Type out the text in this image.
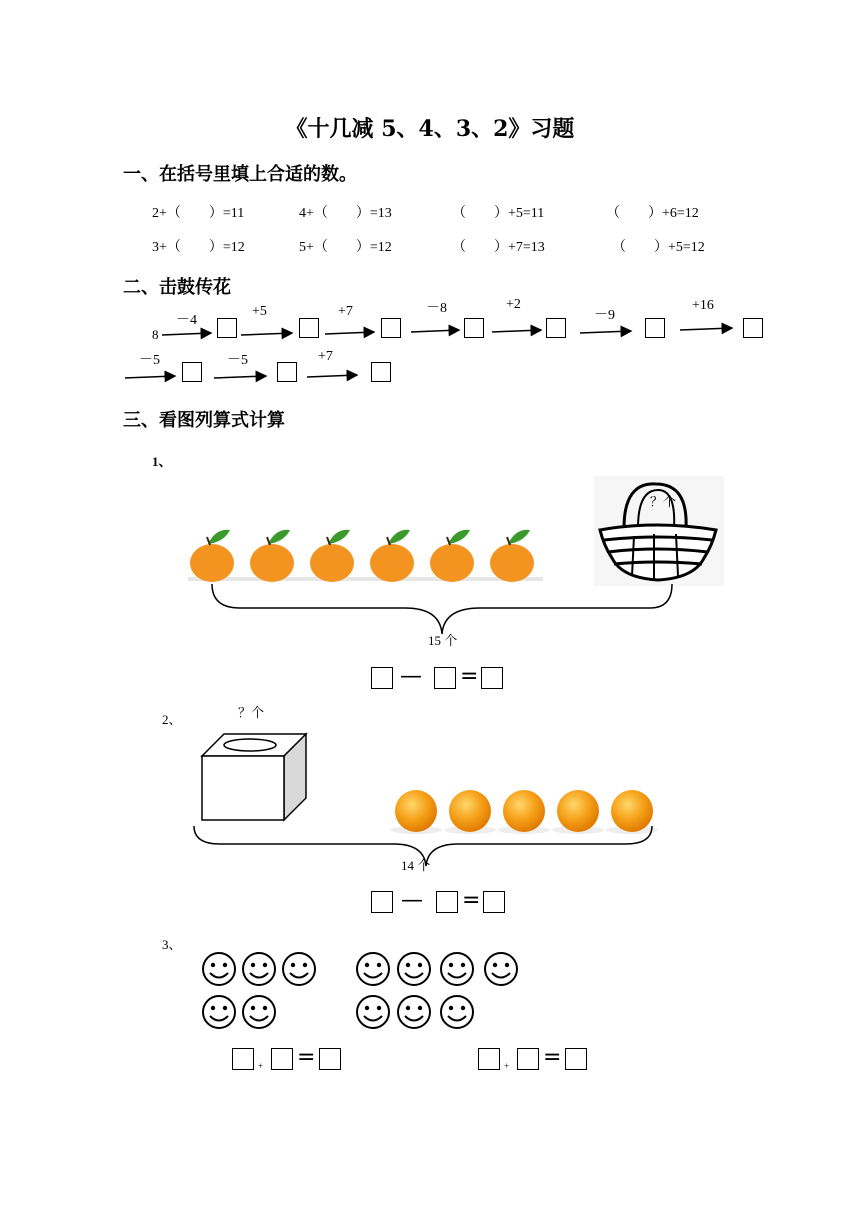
《十几减 5、4、3、2》习题
一、在括号里填上合适的数。
2+（　　）=11	4+（　　）=13	（　　）+5=11	（　　）+6=12
3+（　　）=12	5+（　　）=12	（　　）+7=13	（　　）+5=12
二、击鼓传花
8
－4
+5	+7	－8	+2
－9
+16
－5	－5	+7
三、看图列算式计算
1、
？个
15 个
— =
2、	？个
14 个
— =
3、
+ =	+ =
